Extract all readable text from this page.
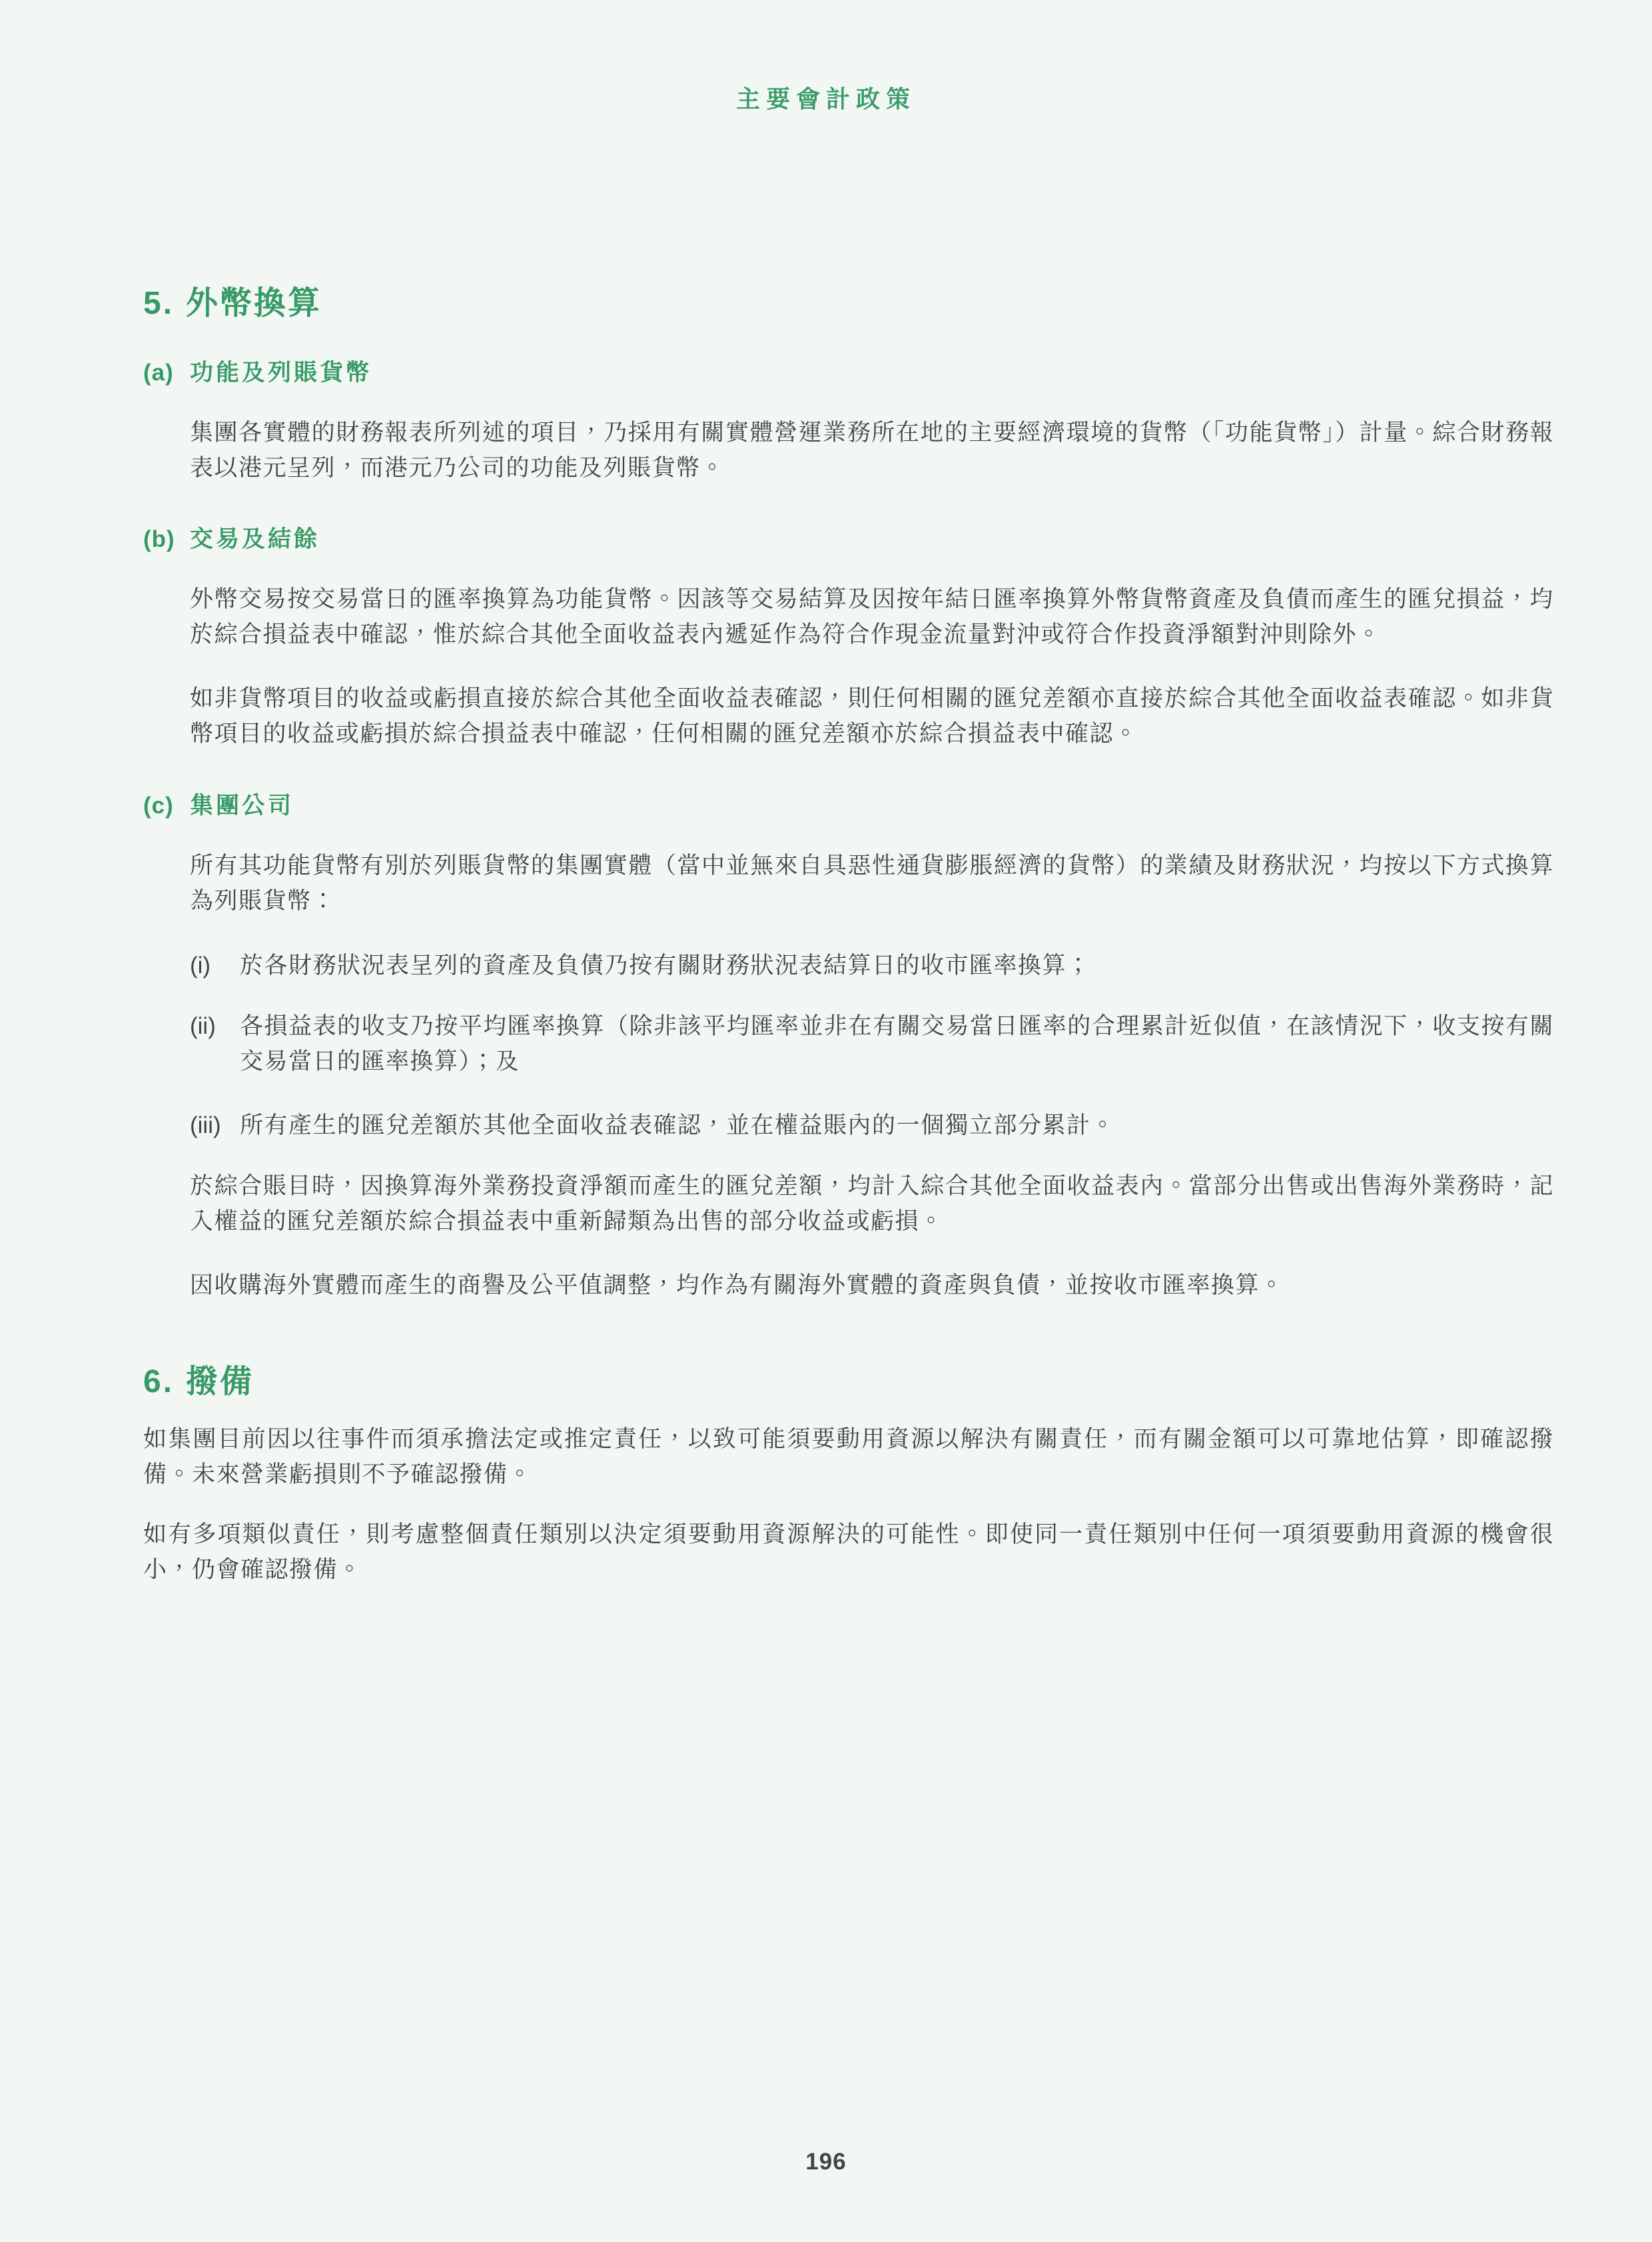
主要會計政策
5. 外幣換算
(a) 功能及列賬貨幣

集團各實體的財務報表所列述的項目，乃採用有關實體營運業務所在地的主要經濟環境的貨幣（「功能貨幣」）計量。綜合財務報表以港元呈列，而港元乃公司的功能及列賬貨幣。

(b) 交易及結餘

外幣交易按交易當日的匯率換算為功能貨幣。因該等交易結算及因按年結日匯率換算外幣貨幣資產及負債而產生的匯兌損益，均於綜合損益表中確認，惟於綜合其他全面收益表內遞延作為符合作現金流量對沖或符合作投資淨額對沖則除外。

如非貨幣項目的收益或虧損直接於綜合其他全面收益表確認，則任何相關的匯兌差額亦直接於綜合其他全面收益表確認。如非貨幣項目的收益或虧損於綜合損益表中確認，任何相關的匯兌差額亦於綜合損益表中確認。

(c) 集團公司

所有其功能貨幣有別於列賬貨幣的集團實體（當中並無來自具惡性通貨膨脹經濟的貨幣）的業績及財務狀況，均按以下方式換算為列賬貨幣：

(i)	於各財務狀況表呈列的資產及負債乃按有關財務狀況表結算日的收市匯率換算；
(ii)	各損益表的收支乃按平均匯率換算（除非該平均匯率並非在有關交易當日匯率的合理累計近似值，在該情況下，收支按有關交易當日的匯率換算）；及
(iii) 所有產生的匯兌差額於其他全面收益表確認，並在權益賬內的一個獨立部分累計。

於綜合賬目時，因換算海外業務投資淨額而產生的匯兌差額，均計入綜合其他全面收益表內。當部分出售或出售海外業務時，記入權益的匯兌差額於綜合損益表中重新歸類為出售的部分收益或虧損。

因收購海外實體而產生的商譽及公平值調整，均作為有關海外實體的資產與負債，並按收市匯率換算。

6. 撥備

如集團目前因以往事件而須承擔法定或推定責任，以致可能須要動用資源以解決有關責任，而有關金額可以可靠地估算，即確認撥備。未來營業虧損則不予確認撥備。

如有多項類似責任，則考慮整個責任類別以決定須要動用資源解決的可能性。即使同一責任類別中任何一項須要動用資源的機會很小，仍會確認撥備。

196
